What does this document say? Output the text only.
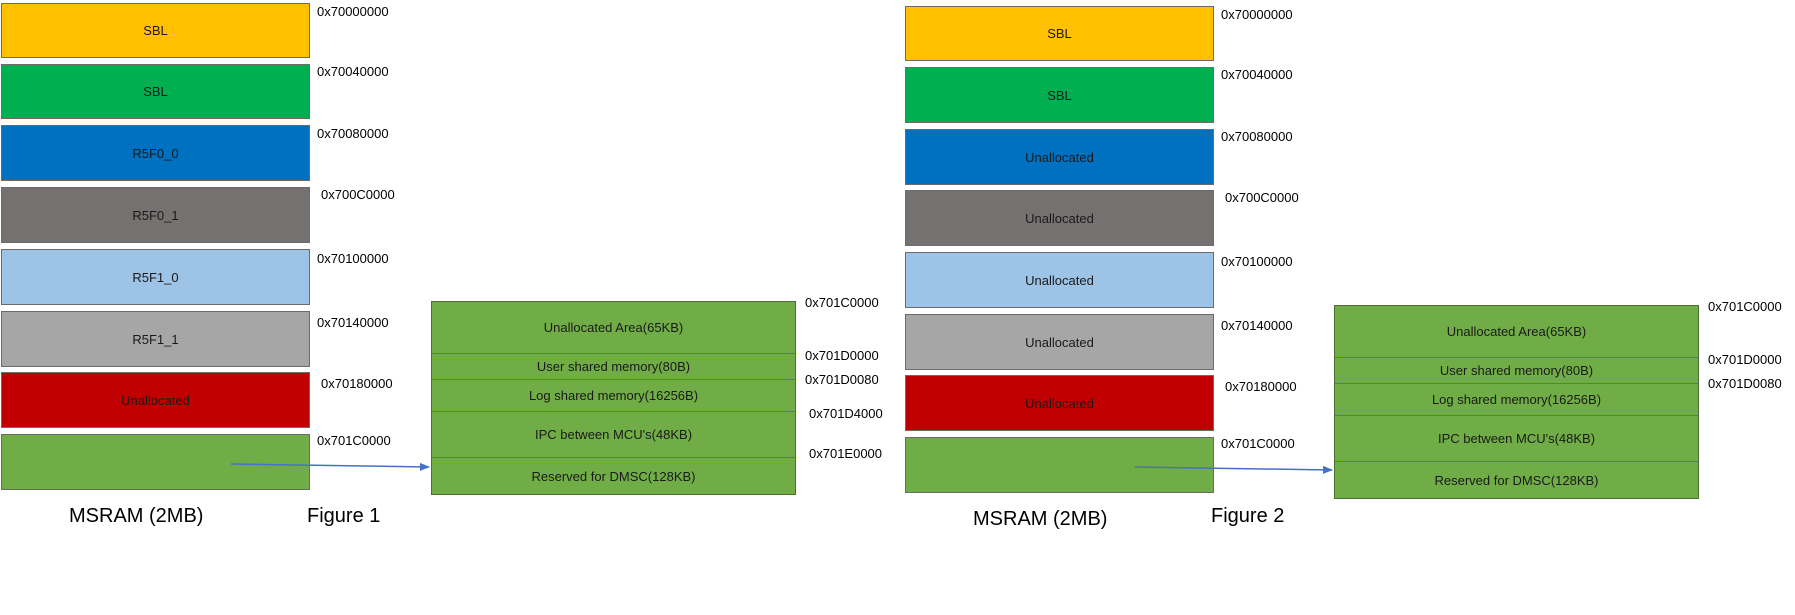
SBL
SBL
R5F0_0
R5F0_1
R5F1_0
R5F1_1
Unallocated
0x70000000
0x70040000
0x70080000
0x700C0000
0x70100000
0x70140000
0x70180000
0x701C0000
Unallocated Area(65KB)
User shared memory(80B)
Log shared memory(16256B)
IPC between MCU's(48KB)
Reserved for DMSC(128KB)
0x701C0000
0x701D0000
0x701D0080
0x701D4000
0x701E0000
MSRAM (2MB)	Figure 1
SBL
SBL
Unallocated
Unallocated
Unallocated
Unallocated
Unallocated
0x70000000
0x70040000
0x70080000
0x700C0000
0x70100000
0x70140000
0x70180000
0x701C0000
Unallocated Area(65KB)
User shared memory(80B)
Log shared memory(16256B)
IPC between MCU's(48KB)
Reserved for DMSC(128KB)
0x701C0000
0x701D0000
0x701D0080
MSRAM (2MB)	Figure 2
